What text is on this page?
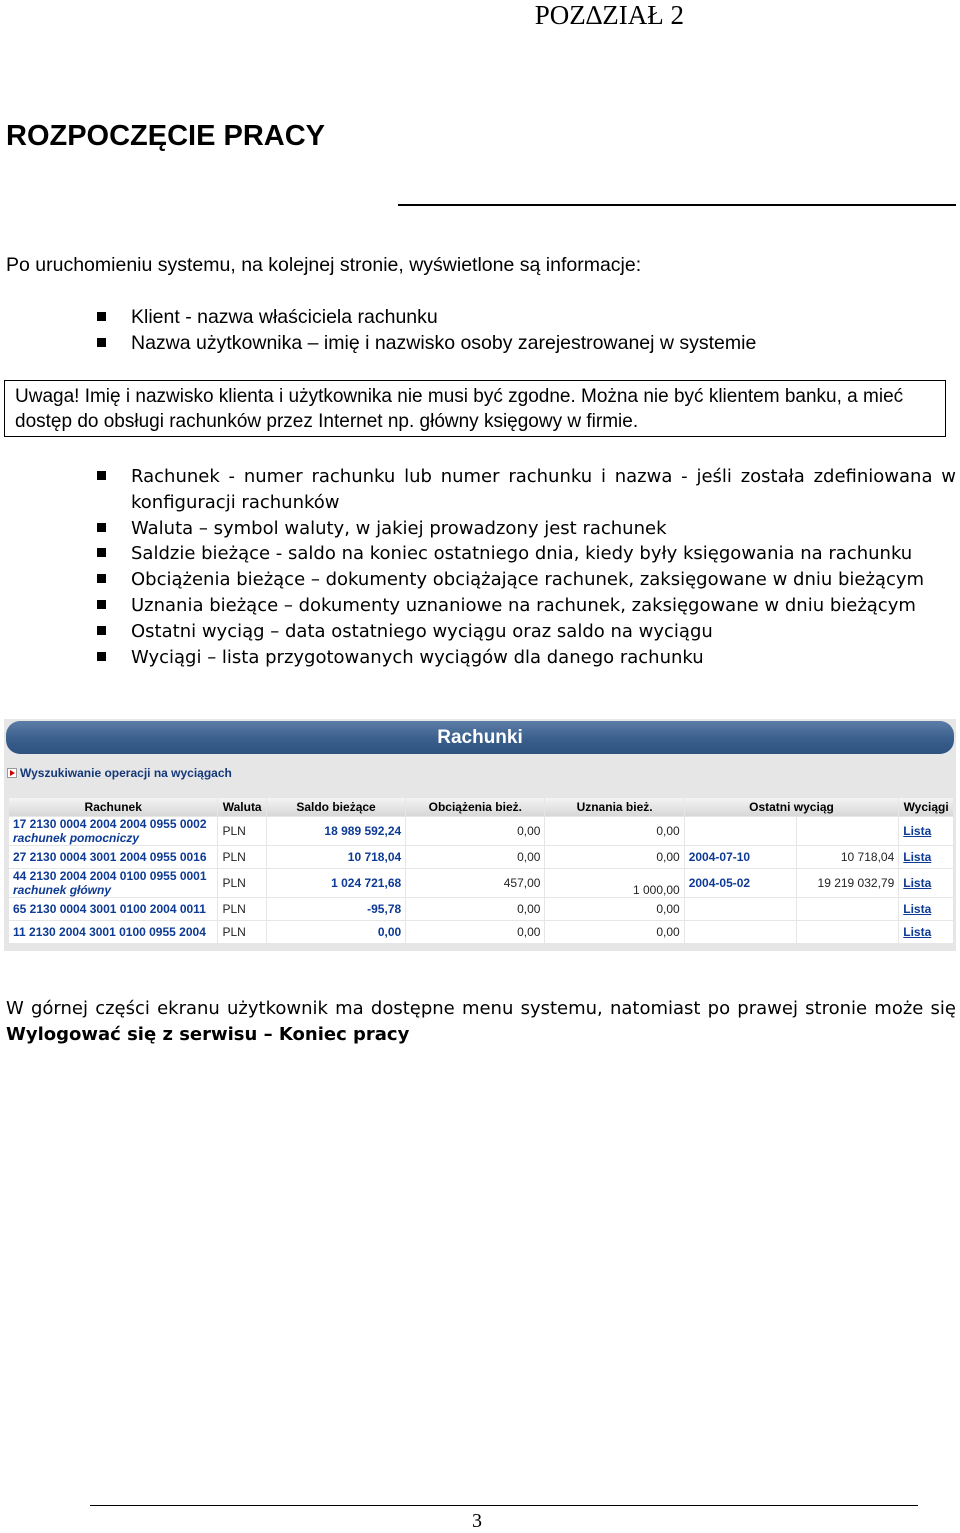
POZ∆ZIAŁ 2
ROZPOCZĘCIE PRACY
Po uruchomieniu systemu, na kolejnej stronie, wyświetlone są informacje:
Klient - nazwa właściciela rachunku
Nazwa użytkownika – imię i nazwisko osoby zarejestrowanej w systemie
Uwaga! Imię i nazwisko klienta i użytkownika nie musi być zgodne. Można nie być klientem banku, a mieć dostęp do obsługi rachunków przez Internet np. główny księgowy w firmie.
Rachunek - numer rachunku lub numer rachunku i nazwa - jeśli została zdefiniowana w konfiguracji rachunków
Waluta – symbol waluty, w jakiej prowadzony jest rachunek
Saldzie bieżące - saldo na koniec ostatniego dnia, kiedy były księgowania na rachunku
Obciążenia bieżące – dokumenty obciążające rachunek, zaksięgowane w dniu bieżącym
Uznania bieżące – dokumenty uznaniowe na rachunek, zaksięgowane w dniu bieżącym
Ostatni wyciąg – data ostatniego wyciągu oraz saldo na wyciągu
Wyciągi – lista przygotowanych wyciągów dla danego rachunku
Rachunki
Wyszukiwanie operacji na wyciągach
Rachunek	Waluta	Saldo bieżące	Obciążenia bież.	Uznania bież.	Ostatni wyciąg		Wyciągi
17 2130 0004 2004 2004 0955 0002
rachunek pomocniczy	PLN	18 989 592,24	0,00	0,00			Lista
27 2130 0004 3001 2004 0955 0016	PLN	10 718,04	0,00	0,00	2004-07-10	10 718,04	Lista
44 2130 2004 2004 0100 0955 0001
rachunek główny	PLN	1 024 721,68	457,00	1 000,00	2004-05-02	19 219 032,79	Lista
65 2130 0004 3001 0100 2004 0011	PLN	-95,78	0,00	0,00			Lista
11 2130 2004 3001 0100 0955 2004	PLN	0,00	0,00	0,00			Lista
W górnej części ekranu użytkownik ma dostępne menu systemu, natomiast po prawej stronie może się Wylogować się z serwisu – Koniec pracy
3
